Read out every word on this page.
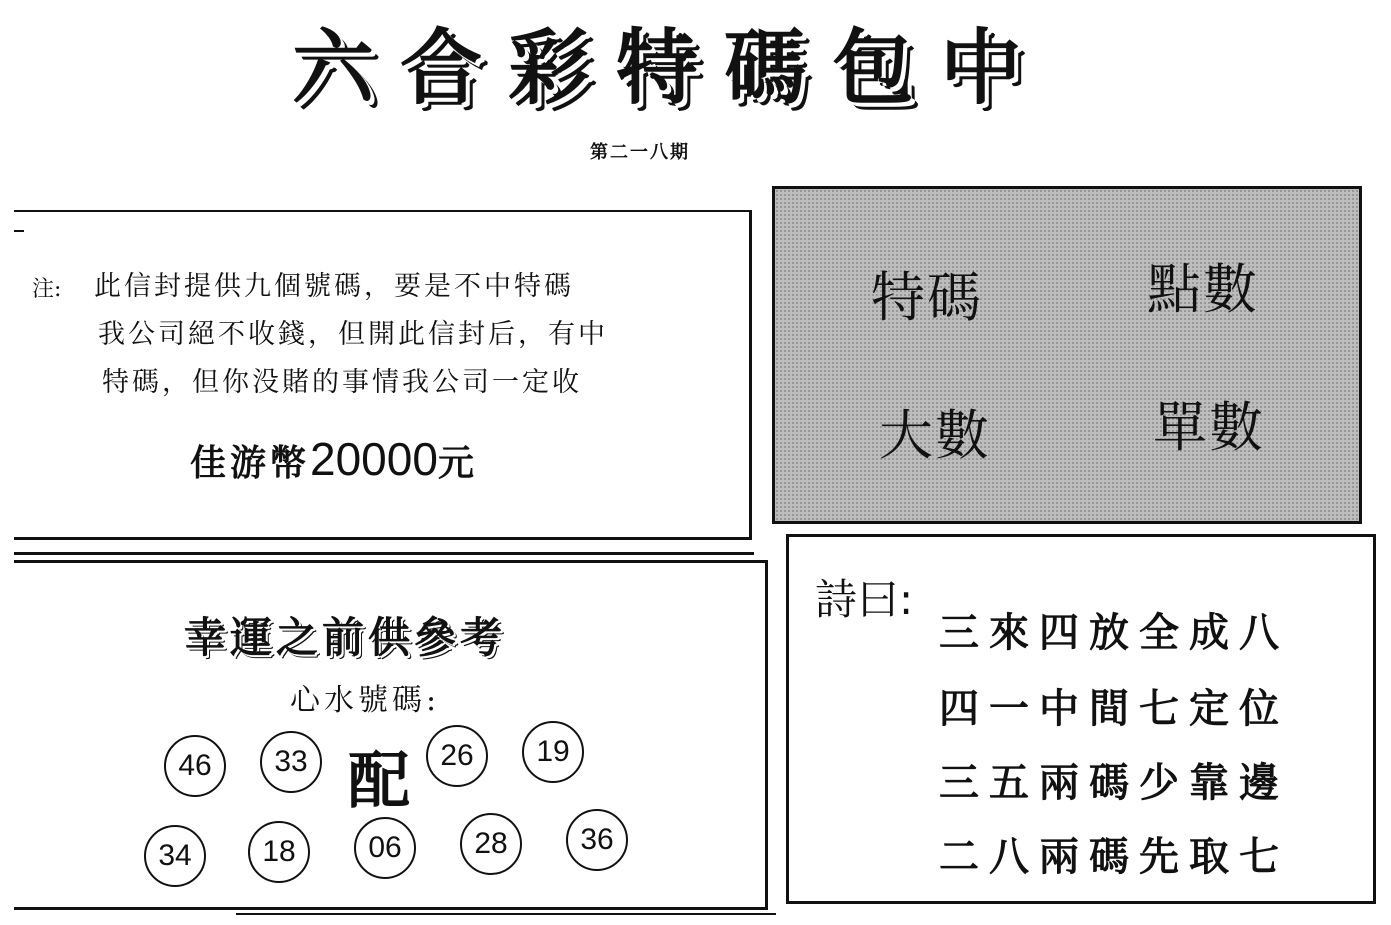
六合彩特碼包中
第二一八期
注: 此信封提供九個號碼，要是不中特碼
我公司絕不收錢，但開此信封后，有中
特碼，但你没賭的事情我公司一定收
佳游幣20000元
特碼	點數
大數	單數
幸運之前供參考
心水號碼:
46	33 配	26	19
34	18	06	28	36
詩曰:
三來四放全成八
四一中間七定位
三五兩碼少靠邊
二八兩碼先取七
